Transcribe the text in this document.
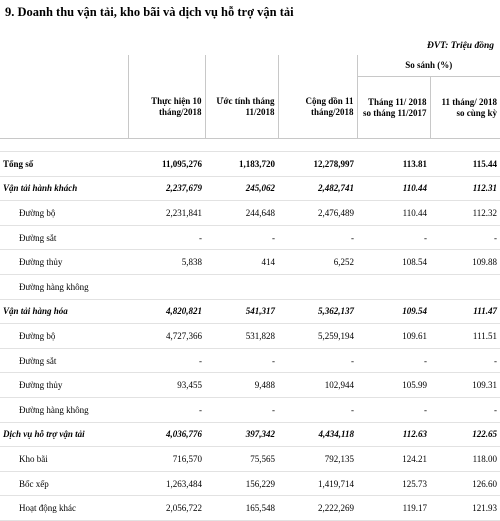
9. Doanh thu vận tải, kho bãi và dịch vụ hỗ trợ vận tải
ĐVT: Triệu đồng
				So sánh (%)	
	Thực hiện 10 tháng/2018	Ước tính tháng 11/2018	Cộng dồn 11 tháng/2018	Tháng 11/ 2018 so tháng 11/2017	11 tháng/ 2018 so cùng kỳ

Tổng số	11,095,276	1,183,720	12,278,997	113.81	115.44
Vận tải hành khách	2,237,679	245,062	2,482,741	110.44	112.31
Đường bộ	2,231,841	244,648	2,476,489	110.44	112.32
Đường sắt	-	-	-	-	-
Đường thủy	5,838	414	6,252	108.54	109.88
Đường hàng không					
Vận tải hàng hóa	4,820,821	541,317	5,362,137	109.54	111.47
Đường bộ	4,727,366	531,828	5,259,194	109.61	111.51
Đường sắt	-	-	-	-	-
Đường thủy	93,455	9,488	102,944	105.99	109.31
Đường hàng không	-	-	-	-	-
Dịch vụ hỗ trợ vận tải	4,036,776	397,342	4,434,118	112.63	122.65
Kho bãi	716,570	75,565	792,135	124.21	118.00
Bốc xếp	1,263,484	156,229	1,419,714	125.73	126.60
Hoạt động khác	2,056,722	165,548	2,222,269	119.17	121.93
